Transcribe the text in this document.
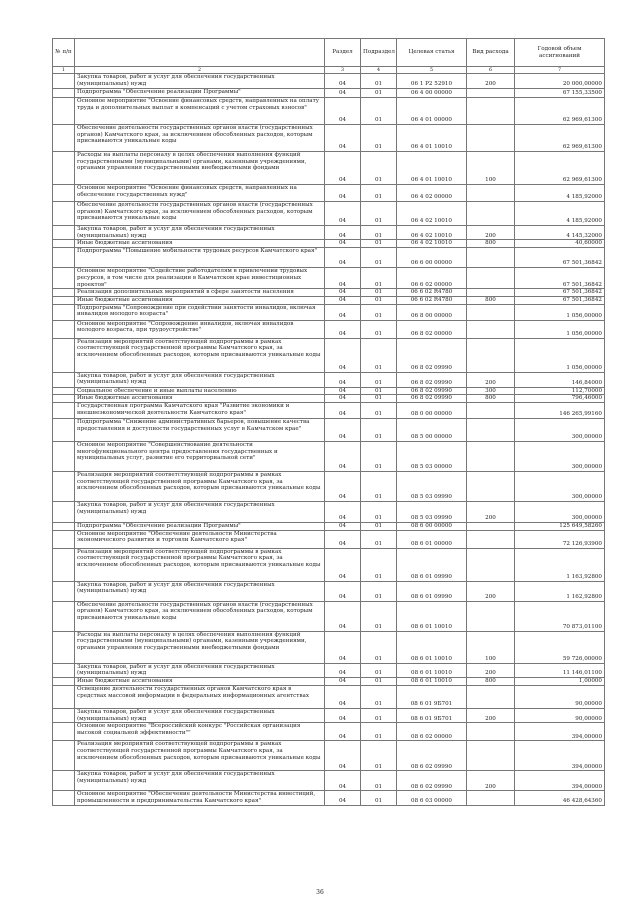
№ п/п		Раздел	Подраздел	Целевая статья	Вид расхода	Годовой объем ассигнований
1	2	3	4	5	6	7
	Закупка товаров, работ и услуг для обеспечения государственных (муниципальных) нужд	04	01	06 1 P2 52910	200	20 000,00000
	Подпрограмма "Обеспечение реализации Программы"	04	01	06 4 00 00000		67 155,33500
	Основное мероприятие "Освоение финансовых средств, направленных на оплату труда и дополнительных выплат в компенсаций с учетом страховых взносов"	04	01	06 4 01 00000		62 969,61300
	Обеспечение деятельности государственных органов власти (государственных органов) Камчатского края, за исключением обособленных расходов, которым присваиваются уникальные коды	04	01	06 4 01 10010		62 969,61300
	Расходы на выплаты персоналу в целях обеспечения выполнения функций государственными (муниципальными) органами, казенными учреждениями, органами управления государственными внебюджетными фондами	04	01	06 4 01 10010	100	62 969,61300
	Основное мероприятие "Освоение финансовых средств, направленных на обеспечение государственных нужд"	04	01	06 4 02 00000		4 185,92000
	Обеспечение деятельности государственных органов власти (государственных органов) Камчатского края, за исключением обособленных расходов, которым присваиваются уникальные коды	04	01	06 4 02 10010		4 185,92000
	Закупка товаров, работ и услуг для обеспечения государственных (муниципальных) нужд	04	01	06 4 02 10010	200	4 145,32000
	Иные бюджетные ассигнования	04	01	06 4 02 10010	800	40,60000
	Подпрограмма "Повышение мобильности трудовых ресурсов Камчатского края"	04	01	06 6 00 00000		67 501,36842
	Основное мероприятие "Содействие работодателям в привлечении трудовых ресурсов, в том числе для реализации в Камчатском крае инвестиционных проектов"	04	01	06 6 02 00000		67 501,36842
	Реализация дополнительных мероприятий в сфере занятости населения	04	01	06 6 02 R4780		67 501,36842
	Иные бюджетные ассигнования	04	01	06 6 02 R4780	800	67 501,36842
	Подпрограмма "Сопровождение при содействии занятости инвалидов, включая инвалидов молодого возраста"	04	01	06 8 00 00000		1 056,00000
	Основное мероприятие "Сопровождение инвалидов, включая инвалидов молодого возраста, при трудоустройстве"	04	01	06 8 02 00000		1 056,00000
	Реализация мероприятий соответствующей подпрограммы в рамках соответствующей государственной программы Камчатского края, за исключением обособленных расходов, которым присваиваются уникальные коды	04	01	06 8 02 09990		1 056,00000
	Закупка товаров, работ и услуг для обеспечения государственных (муниципальных) нужд	04	01	06 8 02 09990	200	146,84000
	Социальное обеспечение и иные выплаты населению	04	01	06 8 02 09990	300	112,70000
	Иные бюджетные ассигнования	04	01	06 8 02 09990	800	796,46000
	Государственная программа Камчатского края "Развитие экономики и внешнеэкономической деятельности Камчатского края"	04	01	08 0 00 00000		146 265,99160
	Подпрограмма "Снижение административных барьеров, повышение качества предоставления и доступности государственных услуг в Камчатском крае"	04	01	08 5 00 00000		300,00000
	Основное мероприятие "Совершенствование деятельности многофункционального центра предоставления государственных и муниципальных услуг, развитие его территориальной сети"	04	01	08 5 03 00000		300,00000
	Реализация мероприятий соответствующей подпрограммы в рамках соответствующей государственной программы Камчатского края, за исключением обособленных расходов, которым присваиваются уникальные коды	04	01	08 5 03 09990		300,00000
	Закупка товаров, работ и услуг для обеспечения государственных (муниципальных) нужд	04	01	08 5 03 09990	200	300,00000
	Подпрограмма "Обеспечение реализации Программы"	04	01	08 6 00 00000		125 649,58260
	Основное мероприятие "Обеспечение деятельности Министерства экономического развития и торговли Камчатского края"	04	01	08 6 01 00000		72 126,93900
	Реализация мероприятий соответствующей подпрограммы в рамках соответствующей государственной программы Камчатского края, за исключением обособленных расходов, которым присваиваются уникальные коды	04	01	08 6 01 09990		1 163,92800
	Закупка товаров, работ и услуг для обеспечения государственных (муниципальных) нужд	04	01	08 6 01 09990	200	1 162,92800
	Обеспечение деятельности государственных органов власти (государственных органов) Камчатского края, за исключением обособленных расходов, которым присваиваются уникальные коды	04	01	08 6 01 10010		70 873,01100
	Расходы на выплаты персоналу в целях обеспечения выполнения функций государственными (муниципальными) органами, казенными учреждениями, органами управления государственными внебюджетными фондами	04	01	08 6 01 10010	100	59 726,00000
	Закупка товаров, работ и услуг для обеспечения государственных (муниципальных) нужд	04	01	08 6 01 10010	200	11 146,01100
	Иные бюджетные ассигнования	04	01	08 6 01 10010	800	1,00000
	Освещение деятельности государственных органов Камчатского края в средствах массовой информации в федеральных информационных агентствах	04	01	08 6 01 9Б701		90,00000
	Закупка товаров, работ и услуг для обеспечения государственных (муниципальных) нужд	04	01	08 6 01 9Б701	200	90,00000
	Основное мероприятие "Всероссийский конкурс "Российская организация высокой социальной эффективности""	04	01	08 6 02 00000		394,00000
	Реализация мероприятий соответствующей подпрограммы в рамках соответствующей государственной программы Камчатского края, за исключением обособленных расходов, которым присваиваются уникальные коды	04	01	08 6 02 09990		394,00000
	Закупка товаров, работ и услуг для обеспечения государственных (муниципальных) нужд	04	01	08 6 02 09990	200	394,00000
	Основное мероприятие "Обеспечение деятельности Министерства инвестиций, промышленности и предпринимательства Камчатского края"	04	01	08 6 03 00000		46 428,64360
36
